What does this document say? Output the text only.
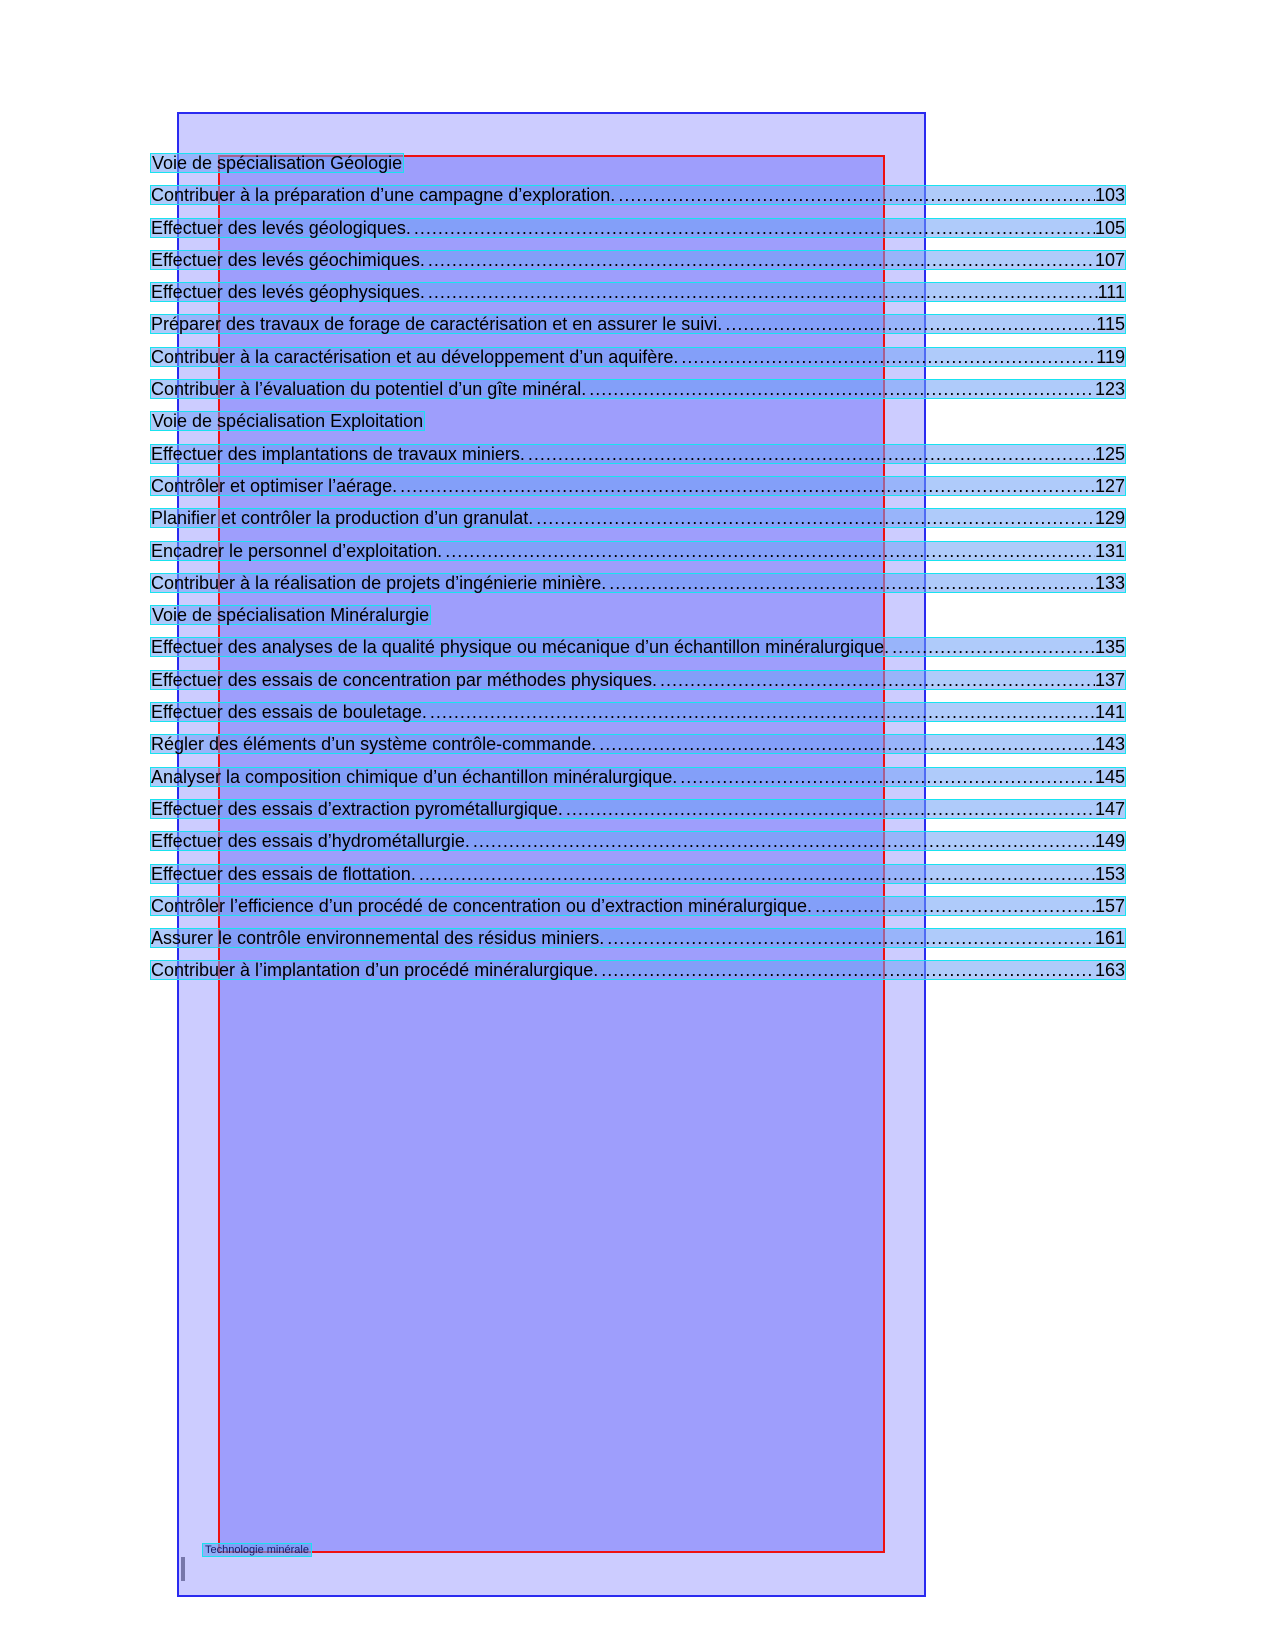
Voie de spécialisation Géologie
Contribuer à la préparation d’une campagne d’exploration. .....	103
Effectuer des levés géologiques. .....	105
Effectuer des levés géochimiques. .....	107
Effectuer des levés géophysiques. .....	111
Préparer des travaux de forage de caractérisation et en assurer le suivi. .....	115
Contribuer à la caractérisation et au développement d’un aquifère. .....	119
Contribuer à l’évaluation du potentiel d’un gîte minéral. .....	123
Voie de spécialisation Exploitation
Effectuer des implantations de travaux miniers. .....	125
Contrôler et optimiser l’aérage. .....	127
Planifier et contrôler la production d’un granulat. .....	129
Encadrer le personnel d’exploitation. .....	131
Contribuer à la réalisation de projets d’ingénierie minière. .....	133
Voie de spécialisation Minéralurgie
Effectuer des analyses de la qualité physique ou mécanique d’un échantillon minéralurgique. .....	135
Effectuer des essais de concentration par méthodes physiques. .....	137
Effectuer des essais de bouletage. .....	141
Régler des éléments d’un système contrôle-commande. .....	143
Analyser la composition chimique d’un échantillon minéralurgique. .....	145
Effectuer des essais d’extraction pyrométallurgique. .....	147
Effectuer des essais d’hydrométallurgie. .....	149
Effectuer des essais de flottation. .....	153
Contrôler l’efficience d’un procédé de concentration ou d’extraction minéralurgique. .....	157
Assurer le contrôle environnemental des résidus miniers. .....	161
Contribuer à l’implantation d’un procédé minéralurgique. .....	163
Technologie minérale
